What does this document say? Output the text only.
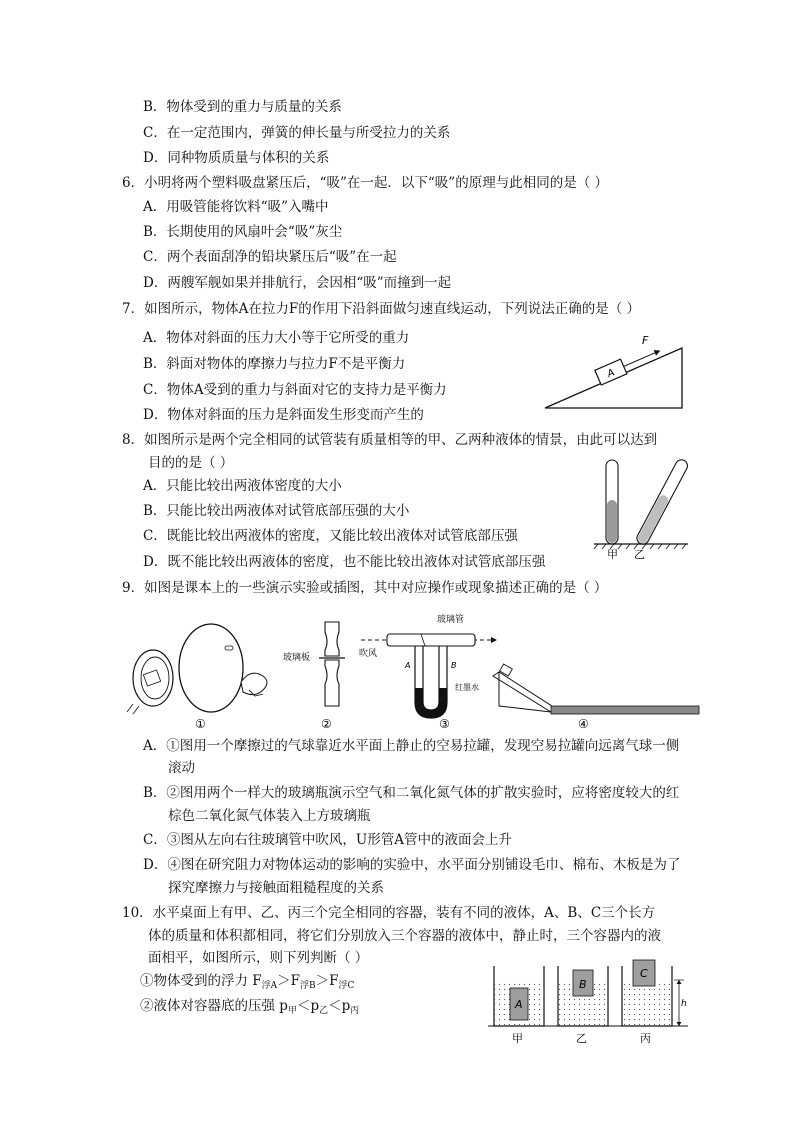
B．物体受到的重力与质量的关系
C．在一定范围内，弹簧的伸长量与所受拉力的关系
D．同种物质质量与体积的关系
6．小明将两个塑料吸盘紧压后，“吸”在一起．以下“吸”的原理与此相同的是（ ）
A．用吸管能将饮料“吸”入嘴中
B．长期使用的风扇叶会“吸”灰尘
C．两个表面刮净的铅块紧压后“吸”在一起
D．两艘军舰如果并排航行，会因相“吸”而撞到一起
7．如图所示，物体A在拉力F的作用下沿斜面做匀速直线运动，下列说法正确的是（ ）
A．物体对斜面的压力大小等于它所受的重力
B．斜面对物体的摩擦力与拉力F不是平衡力
C．物体A受到的重力与斜面对它的支持力是平衡力
D．物体对斜面的压力是斜面发生形变而产生的
8．如图所示是两个完全相同的试管装有质量相等的甲、乙两种液体的情景，由此可以达到
目的的是（ ）
A．只能比较出两液体密度的大小
B．只能比较出两液体对试管底部压强的大小
C．既能比较出两液体的密度，又能比较出液体对试管底部压强
D．既不能比较出两液体的密度，也不能比较出液体对试管底部压强
9．如图是课本上的一些演示实验或插图，其中对应操作或现象描述正确的是（ ）
A．①图用一个摩擦过的气球靠近水平面上静止的空易拉罐，发现空易拉罐向远离气球一侧
滚动
B．②图用两个一样大的玻璃瓶演示空气和二氧化氮气体的扩散实验时，应将密度较大的红
棕色二氧化氮气体装入上方玻璃瓶
C．③图从左向右往玻璃管中吹风，U形管A管中的液面会上升
D．④图在研究阻力对物体运动的影响的实验中，水平面分别铺设毛巾、棉布、木板是为了
探究摩擦力与接触面粗糙程度的关系
10．水平桌面上有甲、乙、丙三个完全相同的容器，装有不同的液体，A、B、C三个长方
体的质量和体积都相同，将它们分别放入三个容器的液体中，静止时，三个容器内的液
面相平，如图所示，则下列判断（ ）
①物体受到的浮力 $F_{浮A}>F_{浮B}>F_{浮C}$
②液体对容器底的压强 $p_甲<p_乙<p_丙$
A
F
甲 乙
①
玻璃板
②
玻璃管
吹风
A	B
红墨水
③	④
A
B
C
h
甲	乙	丙
